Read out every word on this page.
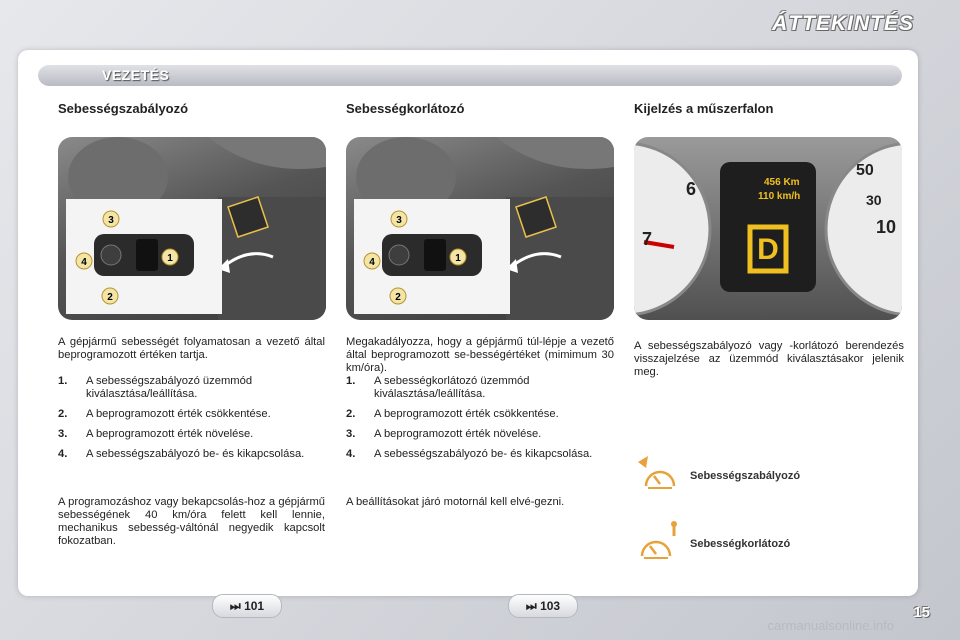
ÁTTEKINTÉS
VEZETÉS
Sebességszabályozó	Sebességkorlátozó	Kijelzés a műszerfalon
3
4	1
2
3
4	1
2
6
7
50
30
10
456 Km
110 km/h
D
A gépjármű sebességét folyamatosan a vezető által beprogramozott értéken tartja.
1. A sebességszabályozó üzemmód kiválasztása/leállítása.
2. A beprogramozott érték csökkentése.
3. A beprogramozott érték növelése.
4. A sebességszabályozó be- és kikapcsolása.
A programozáshoz vagy bekapcsolás-hoz a gépjármű sebességének 40 km/óra felett kell lennie, mechanikus sebesség-váltónál negyedik kapcsolt fokozatban.
Megakadályozza, hogy a gépjármű túl-lépje a vezető által beprogramozott se-bességértéket (mimimum 30 km/óra).
1. A sebességkorlátozó üzemmód kiválasztása/leállítása.
2. A beprogramozott érték csökkentése.
3. A beprogramozott érték növelése.
4. A sebességszabályozó be- és kikapcsolása.
A beállításokat járó motornál kell elvé-gezni.
A sebességszabályozó vagy -korlátozó berendezés visszajelzése az üzemmód kiválasztásakor jelenik meg.
Sebességszabályozó
Sebességkorlátozó
⏭ 101	⏭ 103
carmanualsonline.info
15
